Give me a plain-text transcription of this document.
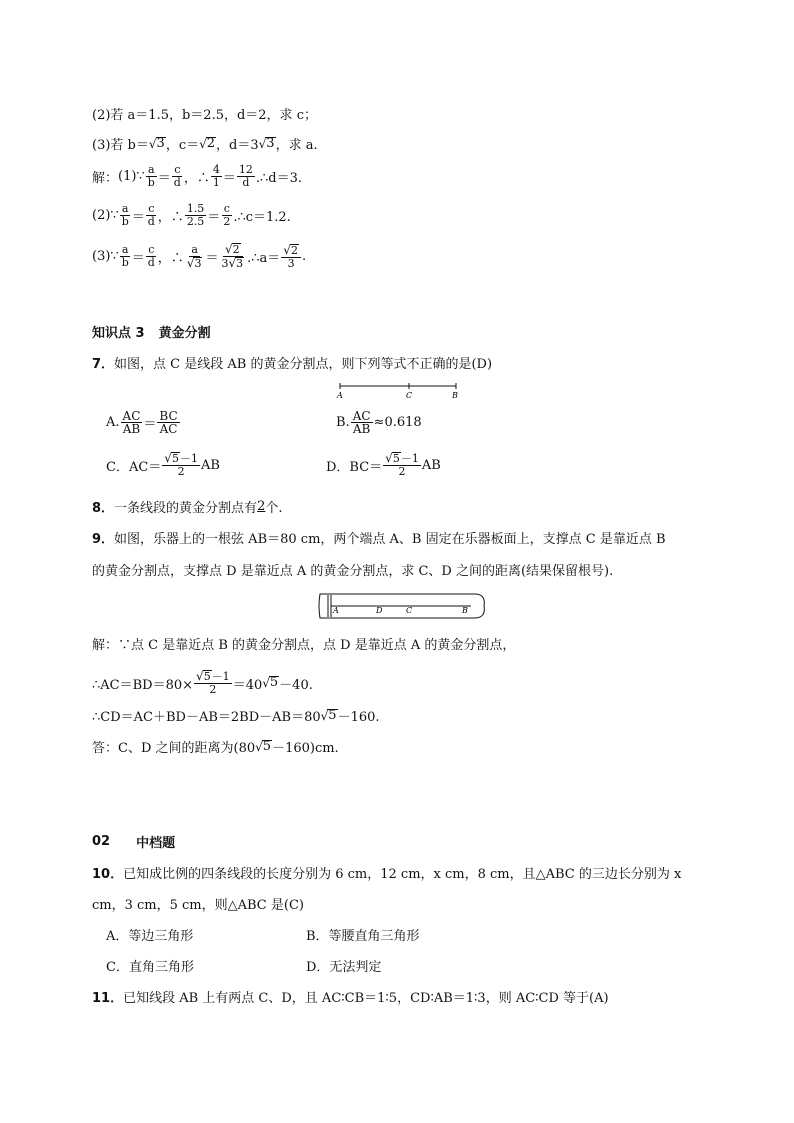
(2)若 a＝1.5，b＝2.5，d＝2，求 c；
(3)若 b＝ √ 3 ，c＝ √ 2 ，d＝3 √ 3 ，求 a.
解： (1)∵ $\frac{a}{b} = \frac{c}{d}$ ，∴ $\frac{4}{1} = \frac{12}{d}$ .∴d＝3.
(2)∵ $\frac{a}{b} = \frac{c}{d}$ ，∴ $\frac{1.5}{2.5} = \frac{c}{2}$ .∴c＝1.2.
(3)∵ $\frac{a}{b} = \frac{c}{d}$ ，∴ $\frac{a}{√ 3} = \frac{√ 2}{3 √ 3}$ .∴a＝ $\frac{√ 2}{3}$ .
知识点 3 黄金分割
7． 如图，点 C 是线段 AB 的黄金分割点，则下列等式不正确的是(D)
A	C	B
A. $\frac{AC}{AB} = \frac{BC}{AC}$	B. $\frac{AC}{AB} \approx 0.618$
C．$AC= \frac{√ 5 -1}{2}$ AB	D．$BC= \frac{√ 5 -1}{2}$ AB
8． 一条线段的黄金分割点有 2 个.
9． 如图，乐器上的一根弦 AB＝80 cm，两个端点 A、B 固定在乐器板面上，支撑点 C 是靠近点 B
的黄金分割点，支撑点 D 是靠近点 A 的黄金分割点，求 C、D 之间的距离(结果保留根号).
A	D	C	B
解：∵点 C 是靠近点 B 的黄金分割点，点 D 是靠近点 A 的黄金分割点，
∴AC＝BD＝80× $\frac{√ 5 -1}{2} =40$ √ 5 －40.
∴CD＝AC＋BD－AB＝2BD－AB＝80 √ 5 －160.
答：C、D 之间的距离为(80 √ 5 －160)cm.
02 中档题
10． 已知成比例的四条线段的长度分别为 6 cm，12 cm，x cm，8 cm，且△ABC 的三边长分别为 x
cm，3 cm，5 cm，则△ABC 是(C)
A．等边三角形	B．等腰直角三角形
C．直角三角形	D．无法判定
11． 已知线段 AB 上有两点 C、D，且 AC∶CB＝1∶5，CD∶AB＝1∶3，则 AC∶CD 等于(A)
